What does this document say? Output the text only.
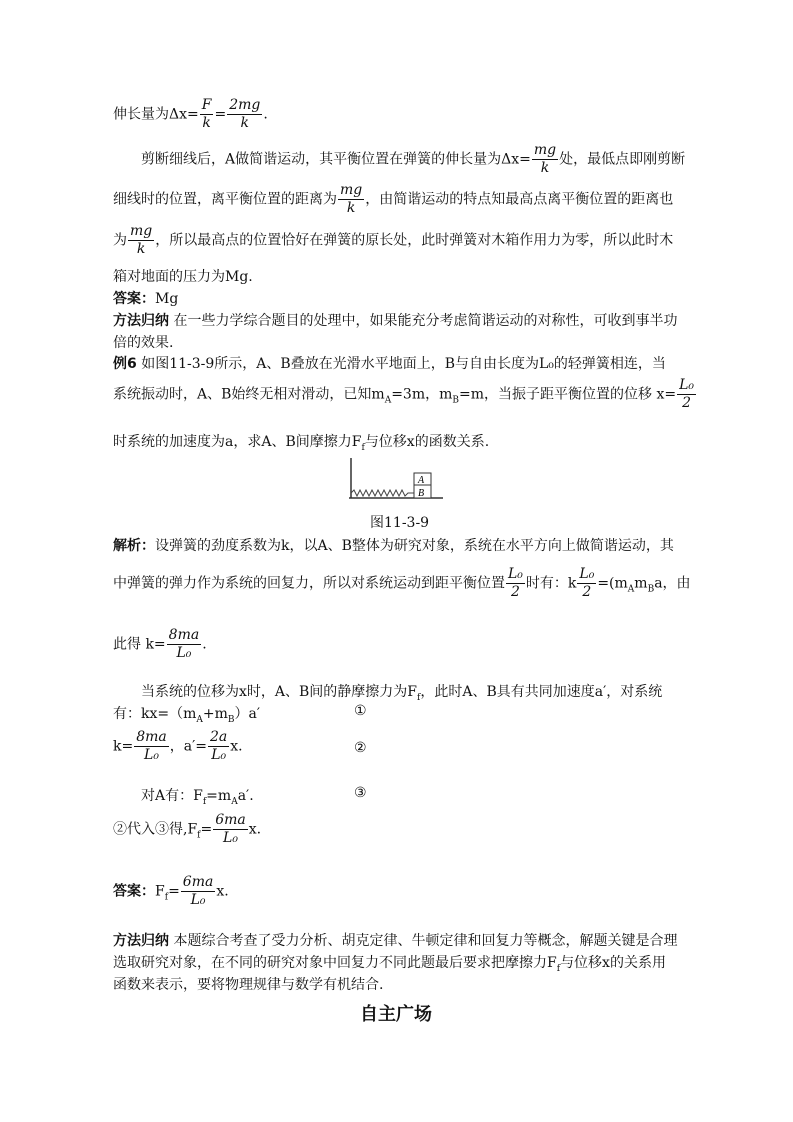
伸长量为$\Delta x= \frac{F}{k} = \frac{2mg}{k}$ .
剪断细线后，A做简谐运动，其平衡位置在弹簧的伸长量为$\Delta x= \frac{mg}{k}$ 处，最低点即刚剪断
细线时的位置，离平衡位置的距离为 $\frac{mg}{k}$ ，由简谐运动的特点知最高点离平衡位置的距离也
为 $\frac{mg}{k}$ ，所以最高点的位置恰好在弹簧的原长处，此时弹簧对木箱作用力为零，所以此时木
箱对地面的压力为Mg.
答案：Mg
方法归纳 在一些力学综合题目的处理中，如果能充分考虑简谐运动的对称性，可收到事半功
倍的效果.
例6 如图11-3-9所示，A、B叠放在光滑水平地面上，B与自由长度为L₀的轻弹簧相连，当
系统振动时，A、B始终无相对滑动，已知$m_A=3m$，$m_B=m$，当振子距平衡位置的位移 $x= \frac{\text{L₀}}{2}$
时系统的加速度为a，求A、B间摩擦力$F_f$与位移x的函数关系.
A
B
图11-3-9
解析：设弹簧的劲度系数为k，以A、B整体为研究对象，系统在水平方向上做简谐运动，其
中弹簧的弹力作为系统的回复力，所以对系统运动到距平衡位置 $\frac{\text{L₀}}{2}$ 时有：k $\frac{\text{L₀}}{2} =(m_Am_Ba$，由
此得 $k= \frac{8ma}{\text{L₀}}$ .
当系统的位移为x时，A、B间的静摩擦力为$F_f$，此时A、B具有共同加速度a′，对系统
有：$kx=(m_A+m_B)a'$	①
$k= \frac{8ma}{\text{L₀}}$ ，$a'= \frac{2a}{\text{L₀}} x$.	②
对A有：$F_f=m_Aa'$.	③
②代入③得$,F_f= \frac{6ma}{\text{L₀}} x$.
答案：$F_f= \frac{6ma}{\text{L₀}} x$.
方法归纳 本题综合考查了受力分析、胡克定律、牛顿定律和回复力等概念，解题关键是合理
选取研究对象，在不同的研究对象中回复力不同此题最后要求把摩擦力$F_f$与位移x的关系用
函数来表示，要将物理规律与数学有机结合.
自主广场
